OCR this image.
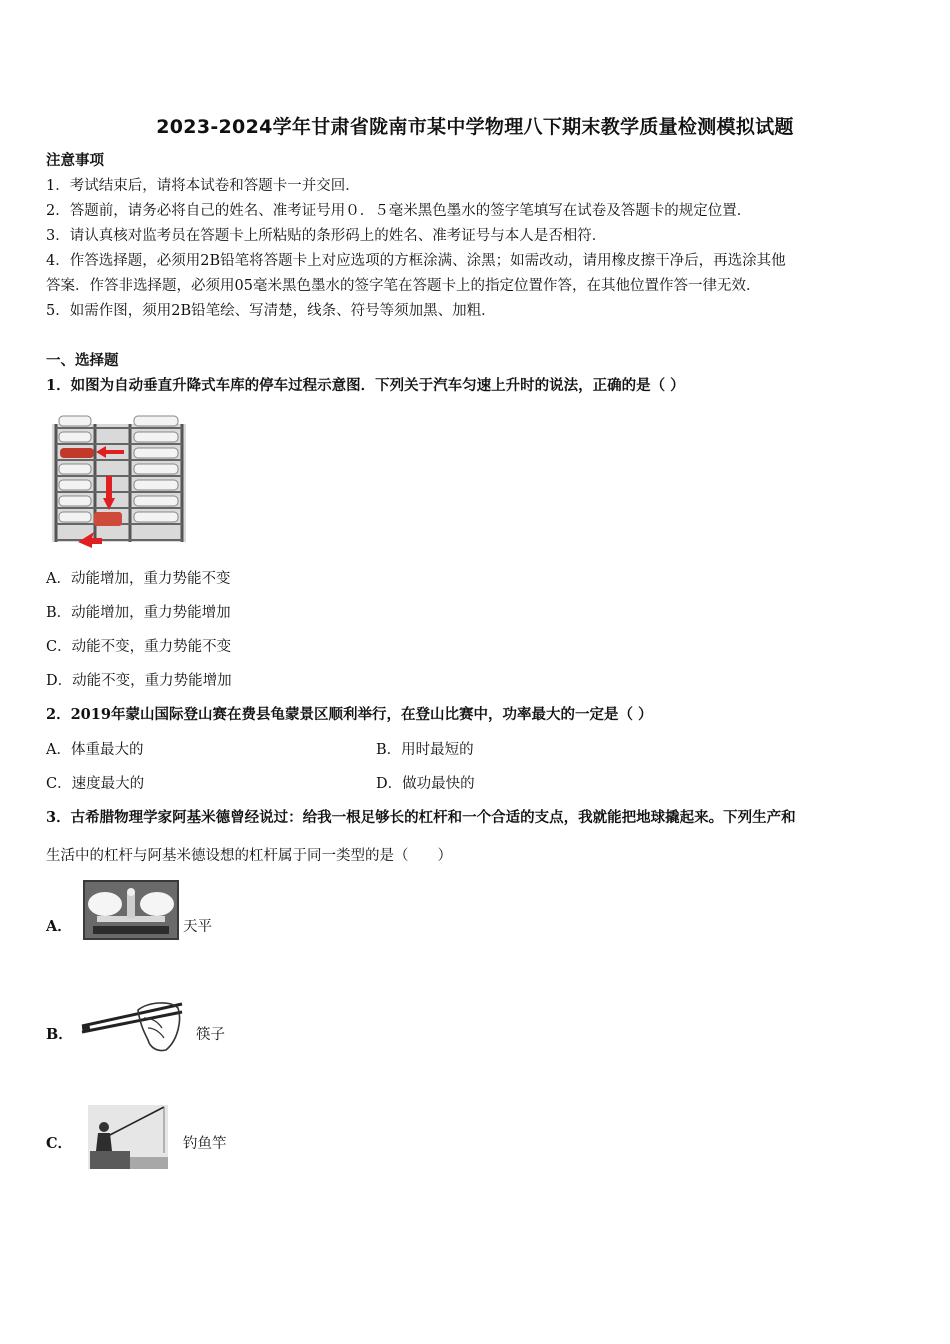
2023-2024学年甘肃省陇南市某中学物理八下期末教学质量检测模拟试题
注意事项
1．考试结束后，请将本试卷和答题卡一并交回．
2．答题前，请务必将自己的姓名、准考证号用０．５毫米黑色墨水的签字笔填写在试卷及答题卡的规定位置．
3．请认真核对监考员在答题卡上所粘贴的条形码上的姓名、准考证号与本人是否相符．
4．作答选择题，必须用2B铅笔将答题卡上对应选项的方框涂满、涂黑；如需改动，请用橡皮擦干净后，再选涂其他
答案．作答非选择题，必须用05毫米黑色墨水的签字笔在答题卡上的指定位置作答，在其他位置作答一律无效．
5．如需作图，须用2B铅笔绘、写清楚，线条、符号等须加黑、加粗．
一、选择题
1．如图为自动垂直升降式车库的停车过程示意图．下列关于汽车匀速上升时的说法，正确的是（ ）
A．动能增加，重力势能不变
B．动能增加，重力势能增加
C．动能不变，重力势能不变
D．动能不变，重力势能增加
2．2019年蒙山国际登山赛在费县龟蒙景区顺利举行，在登山比赛中，功率最大的一定是（ ）
A．体重最大的	B．用时最短的
C．速度最大的	D．做功最快的
3．古希腊物理学家阿基米德曾经说过：给我一根足够长的杠杆和一个合适的支点，我就能把地球撬起来。下列生产和
生活中的杠杆与阿基米德设想的杠杆属于同一类型的是（　　）
A．	天平
B．	筷子
C．	钓鱼竿
